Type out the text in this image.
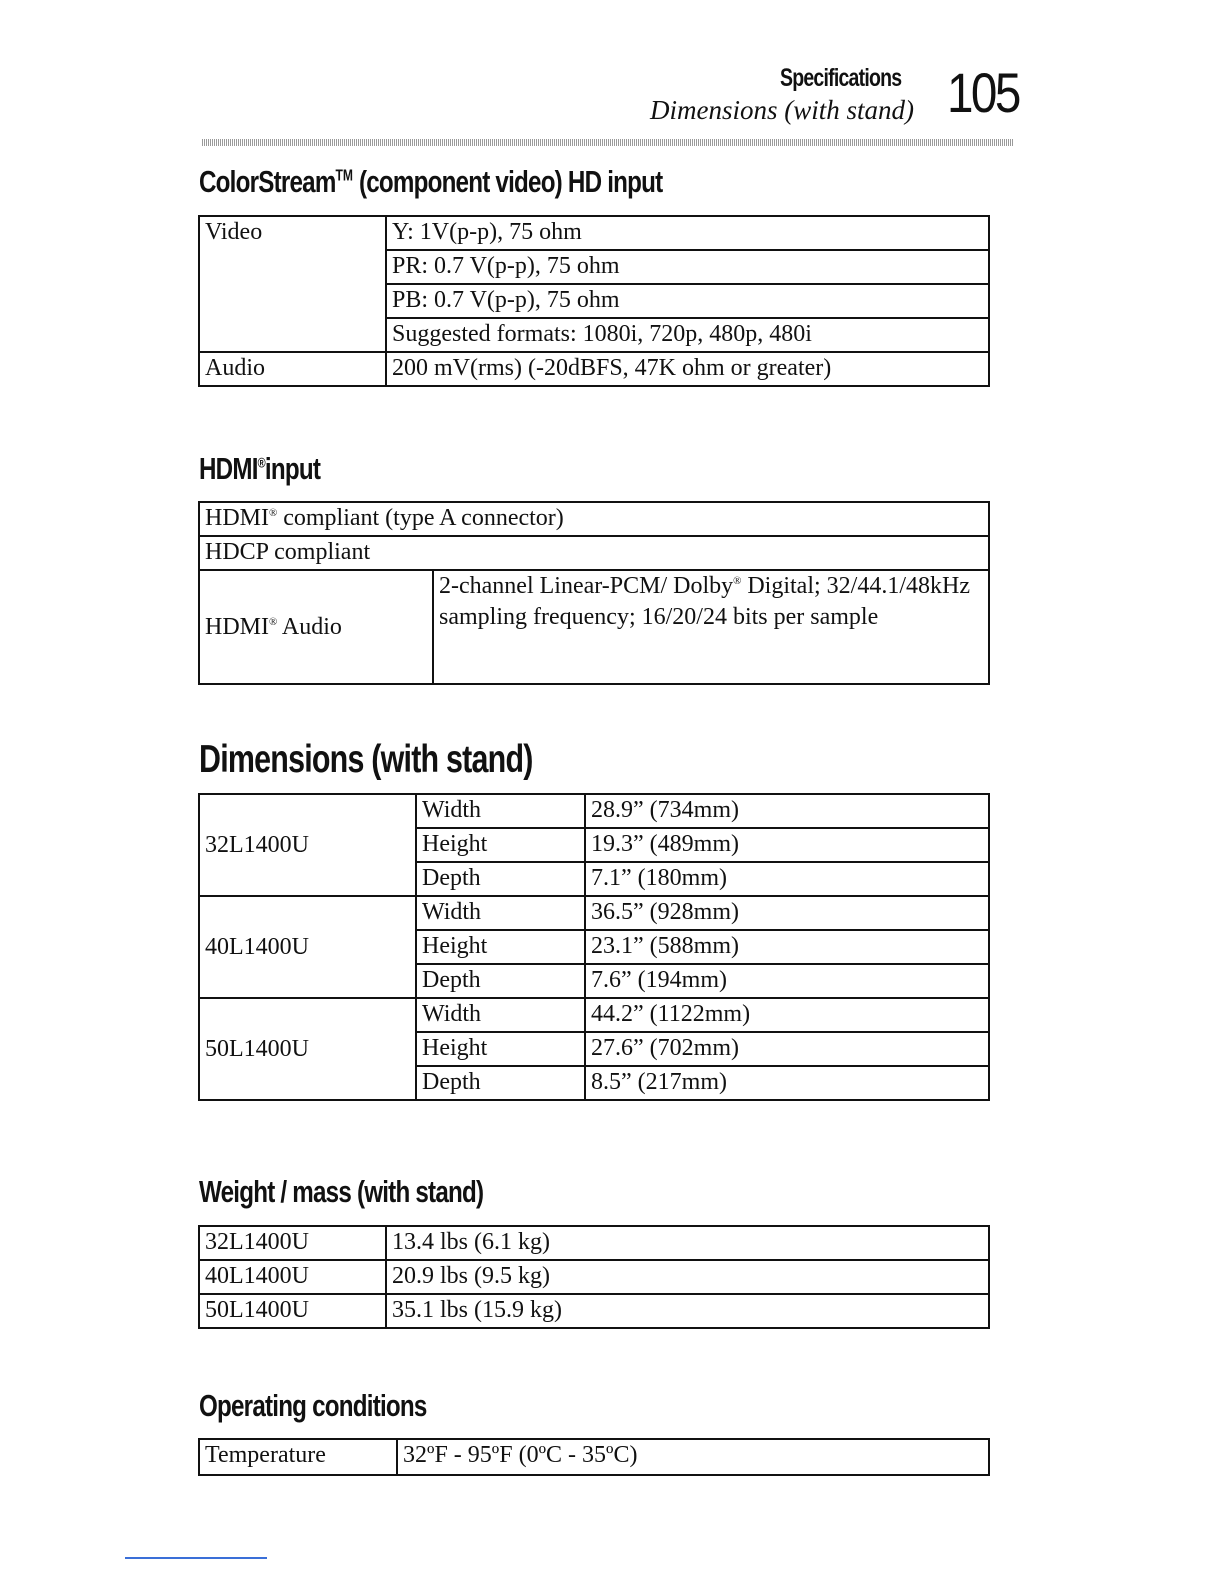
Specifications
Dimensions (with stand) 105
ColorStream™ (component video) HD input
Video	Y: 1V(p-p), 75 ohm
	PR: 0.7 V(p-p), 75 ohm
	PB: 0.7 V(p-p), 75 ohm
	Suggested formats: 1080i, 720p, 480p, 480i
Audio	200 mV(rms) (-20dBFS, 47K ohm or greater)
HDMI®input
HDMI® compliant (type A connector)
HDCP compliant
HDMI® Audio	2-channel Linear-PCM/ Dolby® Digital; 32/44.1/48kHz sampling frequency; 16/20/24 bits per sample
Dimensions (with stand)
32L1400U	Width	28.9” (734mm)
	Height	19.3” (489mm)
	Depth	7.1” (180mm)
40L1400U	Width	36.5” (928mm)
	Height	23.1” (588mm)
	Depth	7.6” (194mm)
50L1400U	Width	44.2” (1122mm)
	Height	27.6” (702mm)
	Depth	8.5” (217mm)
Weight / mass (with stand)
32L1400U	13.4 lbs (6.1 kg)
40L1400U	20.9 lbs (9.5 kg)
50L1400U	35.1 lbs (15.9 kg)
Operating conditions
Temperature	32ºF - 95ºF (0ºC - 35ºC)
